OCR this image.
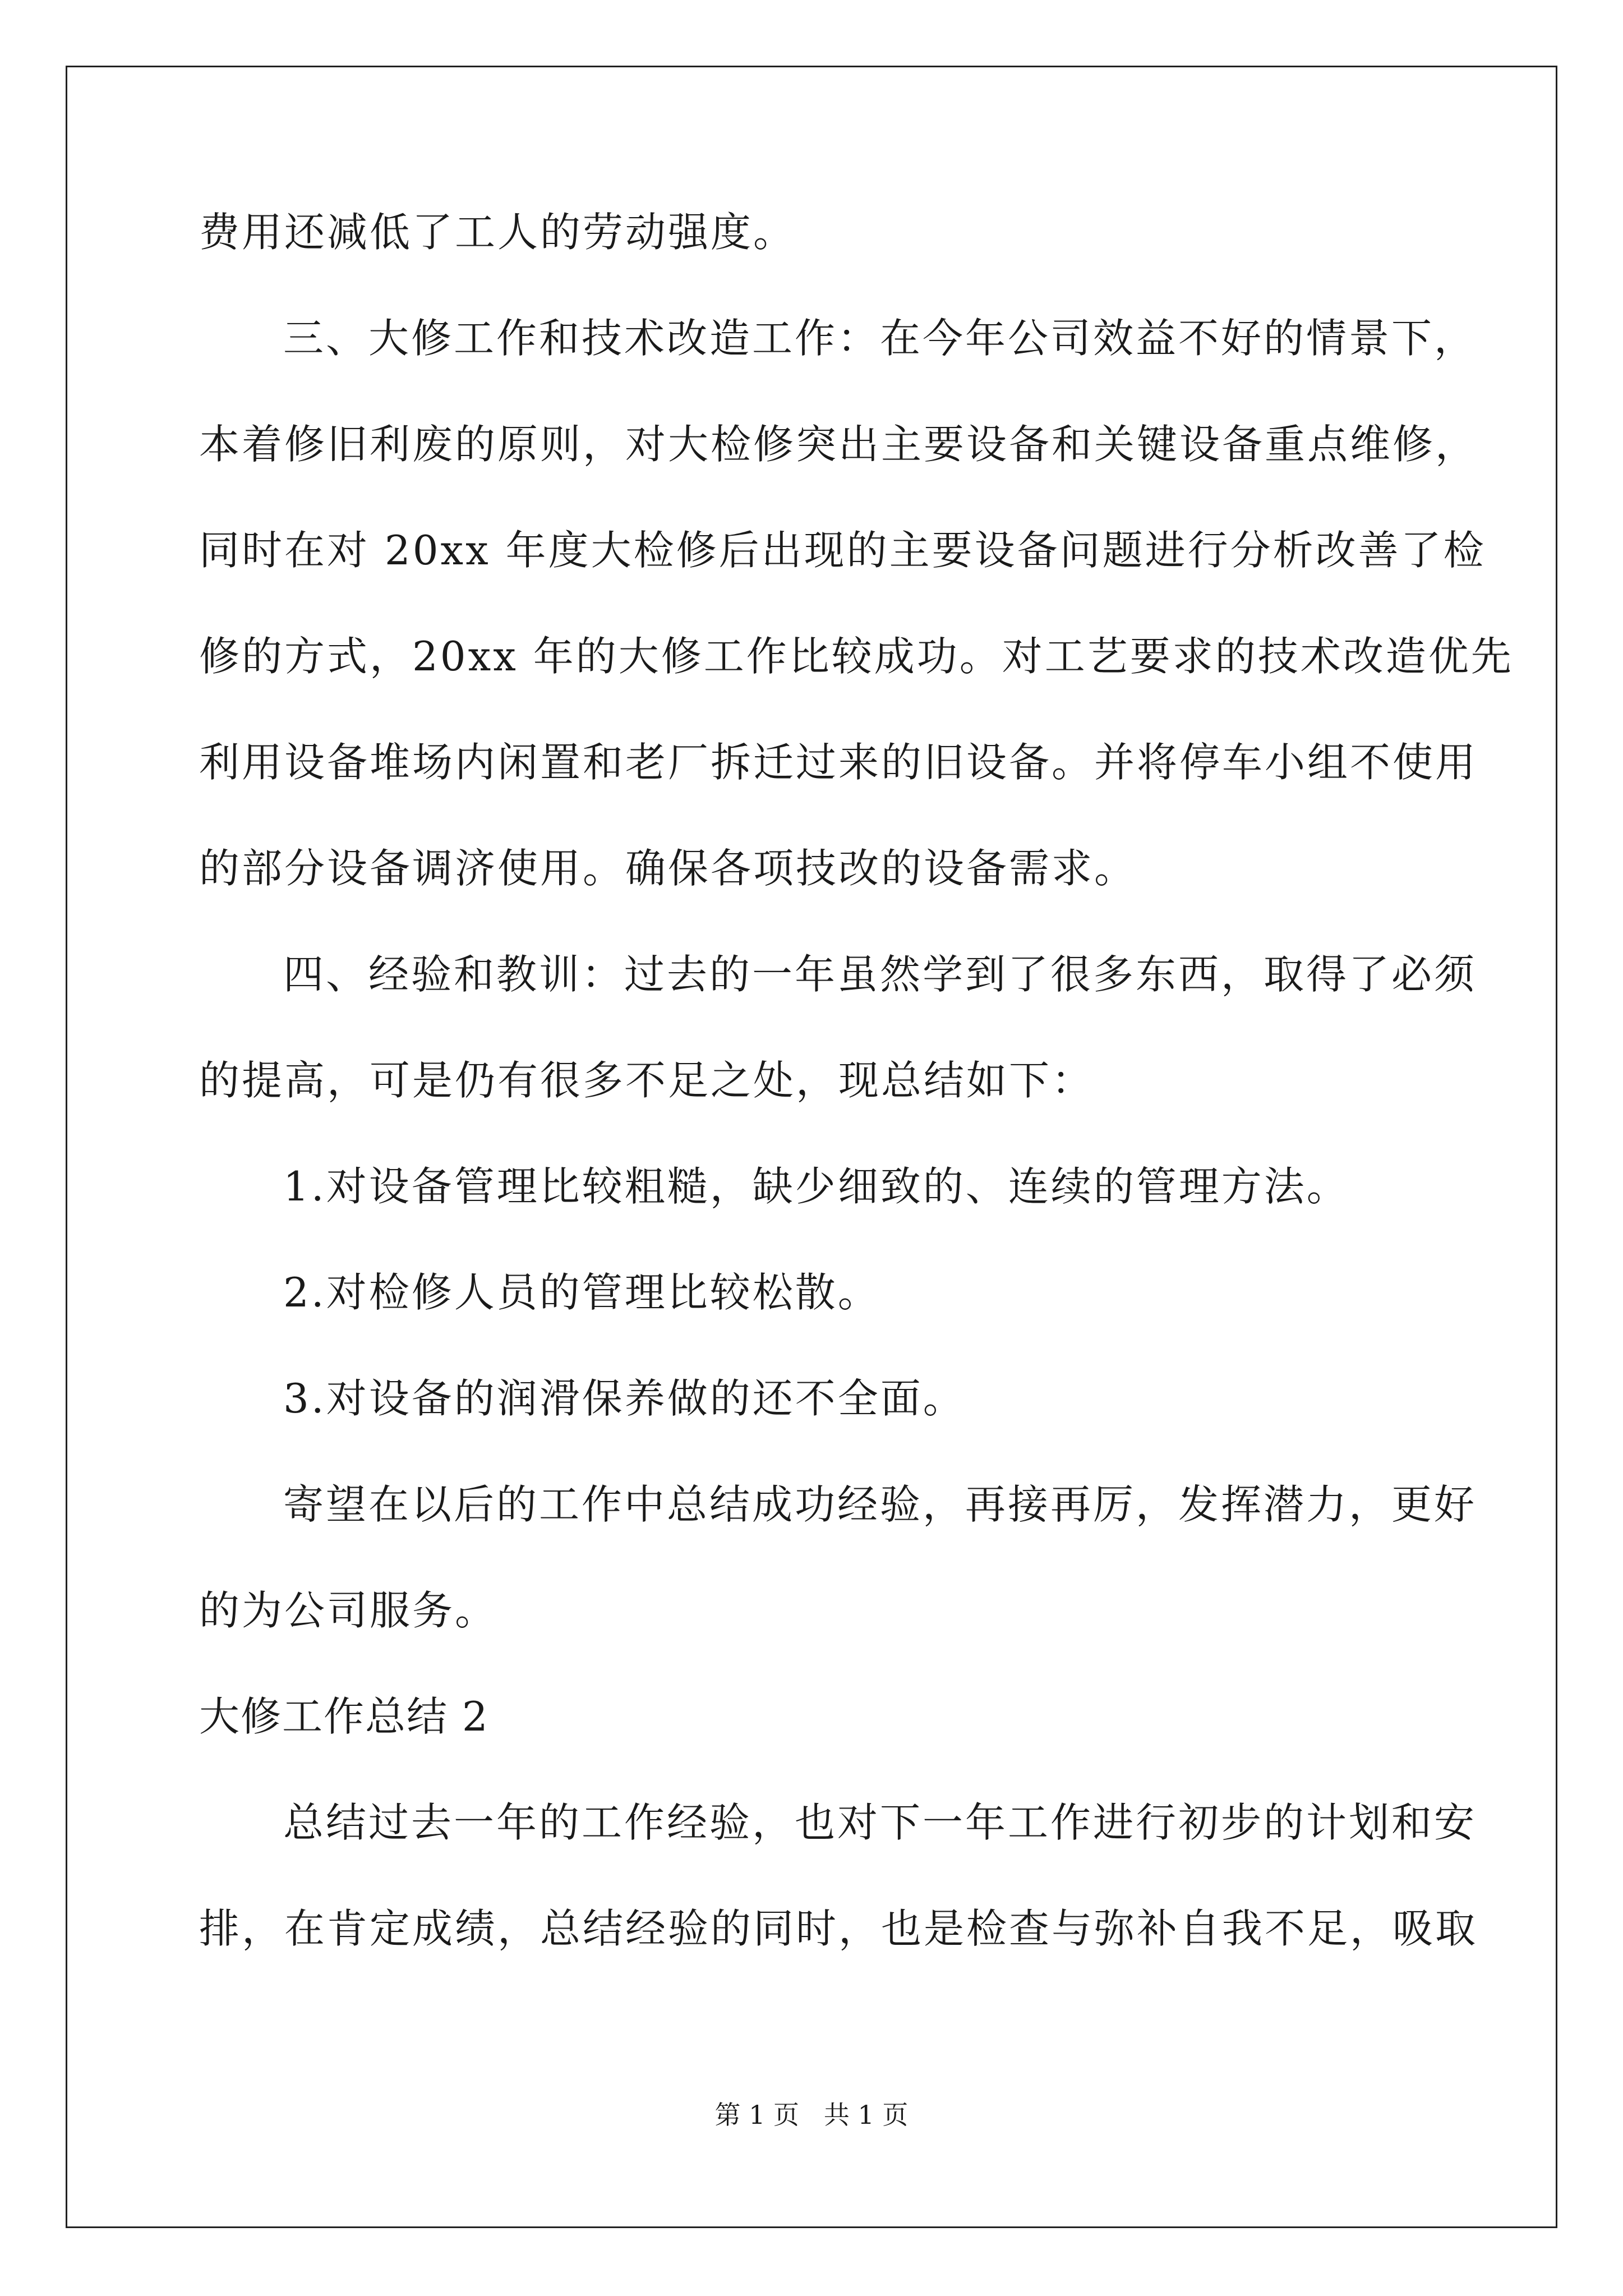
费用还减低了工人的劳动强度。
三、大修工作和技术改造工作：在今年公司效益不好的情景下，
本着修旧利废的原则，对大检修突出主要设备和关键设备重点维修，
同时在对 20xx 年度大检修后出现的主要设备问题进行分析改善了检
修的方式，20xx 年的大修工作比较成功。对工艺要求的技术改造优先
利用设备堆场内闲置和老厂拆迁过来的旧设备。并将停车小组不使用
的部分设备调济使用。确保各项技改的设备需求。
四、经验和教训：过去的一年虽然学到了很多东西，取得了必须
的提高，可是仍有很多不足之处，现总结如下：
1.对设备管理比较粗糙，缺少细致的、连续的管理方法。
2.对检修人员的管理比较松散。
3.对设备的润滑保养做的还不全面。
寄望在以后的工作中总结成功经验，再接再厉，发挥潜力，更好
的为公司服务。
大修工作总结 2
总结过去一年的工作经验，也对下一年工作进行初步的计划和安
排，在肯定成绩，总结经验的同时，也是检查与弥补自我不足，吸取
第 1 页   共 1 页
